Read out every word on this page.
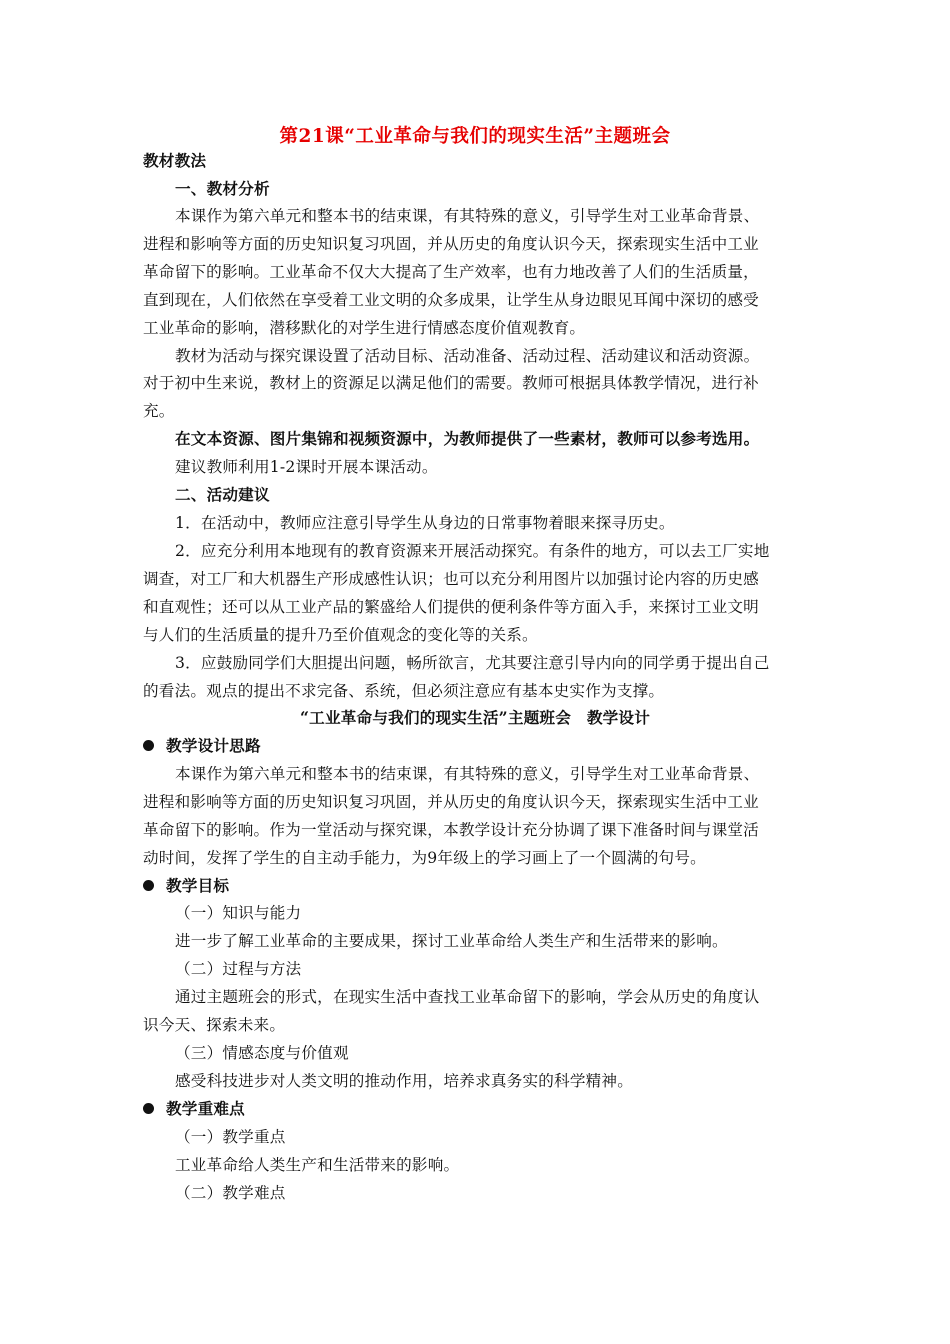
第21课“工业革命与我们的现实生活”主题班会
教材教法
一、教材分析
本课作为第六单元和整本书的结束课，有其特殊的意义，引导学生对工业革命背景、
进程和影响等方面的历史知识复习巩固，并从历史的角度认识今天，探索现实生活中工业
革命留下的影响。工业革命不仅大大提高了生产效率，也有力地改善了人们的生活质量，
直到现在，人们依然在享受着工业文明的众多成果，让学生从身边眼见耳闻中深切的感受
工业革命的影响，潜移默化的对学生进行情感态度价值观教育。
教材为活动与探究课设置了活动目标、活动准备、活动过程、活动建议和活动资源。
对于初中生来说，教材上的资源足以满足他们的需要。教师可根据具体教学情况，进行补
充。
在文本资源、图片集锦和视频资源中，为教师提供了一些素材，教师可以参考选用。
建议教师利用1-2课时开展本课活动。
二、活动建议
1．在活动中，教师应注意引导学生从身边的日常事物着眼来探寻历史。
2．应充分利用本地现有的教育资源来开展活动探究。有条件的地方，可以去工厂实地
调查，对工厂和大机器生产形成感性认识；也可以充分利用图片以加强讨论内容的历史感
和直观性；还可以从工业产品的繁盛给人们提供的便利条件等方面入手，来探讨工业文明
与人们的生活质量的提升乃至价值观念的变化等的关系。
3．应鼓励同学们大胆提出问题，畅所欲言，尤其要注意引导内向的同学勇于提出自己
的看法。观点的提出不求完备、系统，但必须注意应有基本史实作为支撑。
“工业革命与我们的现实生活”主题班会　教学设计
教学设计思路
本课作为第六单元和整本书的结束课，有其特殊的意义，引导学生对工业革命背景、
进程和影响等方面的历史知识复习巩固，并从历史的角度认识今天，探索现实生活中工业
革命留下的影响。作为一堂活动与探究课，本教学设计充分协调了课下准备时间与课堂活
动时间，发挥了学生的自主动手能力，为9年级上的学习画上了一个圆满的句号。
教学目标
（一）知识与能力
进一步了解工业革命的主要成果，探讨工业革命给人类生产和生活带来的影响。
（二）过程与方法
通过主题班会的形式，在现实生活中查找工业革命留下的影响，学会从历史的角度认
识今天、探索未来。
（三）情感态度与价值观
感受科技进步对人类文明的推动作用，培养求真务实的科学精神。
教学重难点
（一）教学重点
工业革命给人类生产和生活带来的影响。
（二）教学难点
